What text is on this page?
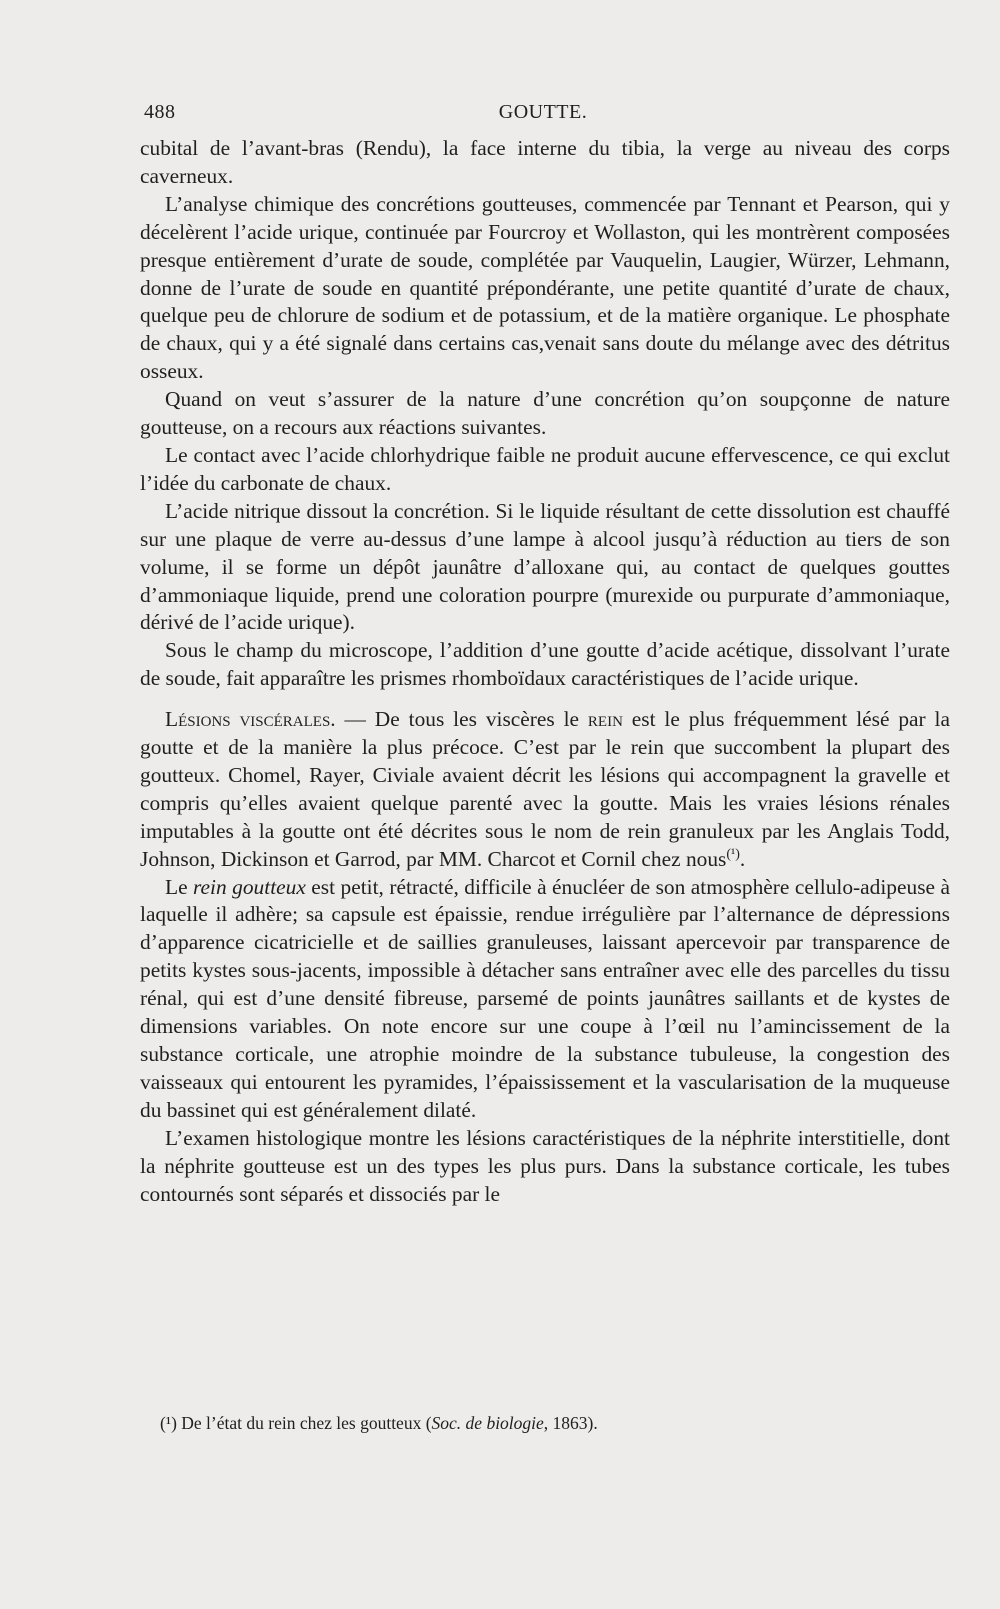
488	GOUTTE.

cubital de l’avant-bras (Rendu), la face interne du tibia, la verge au niveau des corps caverneux.

L’analyse chimique des concrétions goutteuses, commencée par Tennant et Pearson, qui y décelèrent l’acide urique, continuée par Fourcroy et Wollaston, qui les montrèrent composées presque entièrement d’urate de soude, complétée par Vauquelin, Laugier, Würzer, Lehmann, donne de l’urate de soude en quantité prépondérante, une petite quantité d’urate de chaux, quelque peu de chlorure de sodium et de potassium, et de la matière organique. Le phosphate de chaux, qui y a été signalé dans certains cas,venait sans doute du mélange avec des détritus osseux.

Quand on veut s’assurer de la nature d’une concrétion qu’on soupçonne de nature goutteuse, on a recours aux réactions suivantes.

Le contact avec l’acide chlorhydrique faible ne produit aucune effervescence, ce qui exclut l’idée du carbonate de chaux.

L’acide nitrique dissout la concrétion. Si le liquide résultant de cette dissolution est chauffé sur une plaque de verre au-dessus d’une lampe à alcool jusqu’à réduction au tiers de son volume, il se forme un dépôt jaunâtre d’alloxane qui, au contact de quelques gouttes d’ammoniaque liquide, prend une coloration pourpre (murexide ou purpurate d’ammoniaque, dérivé de l’acide urique).

Sous le champ du microscope, l’addition d’une goutte d’acide acétique, dissolvant l’urate de soude, fait apparaître les prismes rhomboïdaux caractéristiques de l’acide urique.

Lésions viscérales. — De tous les viscères le rein est le plus fréquemment lésé par la goutte et de la manière la plus précoce. C’est par le rein que succombent la plupart des goutteux. Chomel, Rayer, Civiale avaient décrit les lésions qui accompagnent la gravelle et compris qu’elles avaient quelque parenté avec la goutte. Mais les vraies lésions rénales imputables à la goutte ont été décrites sous le nom de rein granuleux par les Anglais Todd, Johnson, Dickinson et Garrod, par MM. Charcot et Cornil chez nous$^{(^1)}$.

Le rein goutteux est petit, rétracté, difficile à énucléer de son atmosphère cellulo-adipeuse à laquelle il adhère; sa capsule est épaissie, rendue irrégulière par l’alternance de dépressions d’apparence cicatricielle et de saillies granuleuses, laissant apercevoir par transparence de petits kystes sous-jacents, impossible à détacher sans entraîner avec elle des parcelles du tissu rénal, qui est d’une densité fibreuse, parsemé de points jaunâtres saillants et de kystes de dimensions variables. On note encore sur une coupe à l’œil nu l’amincissement de la substance corticale, une atrophie moindre de la substance tubuleuse, la congestion des vaisseaux qui entourent les pyramides, l’épaississement et la vascularisation de la muqueuse du bassinet qui est généralement dilaté.

L’examen histologique montre les lésions caractéristiques de la néphrite interstitielle, dont la néphrite goutteuse est un des types les plus purs. Dans la substance corticale, les tubes contournés sont séparés et dissociés par le

(¹) De l’état du rein chez les goutteux (Soc. de biologie, 1863).
